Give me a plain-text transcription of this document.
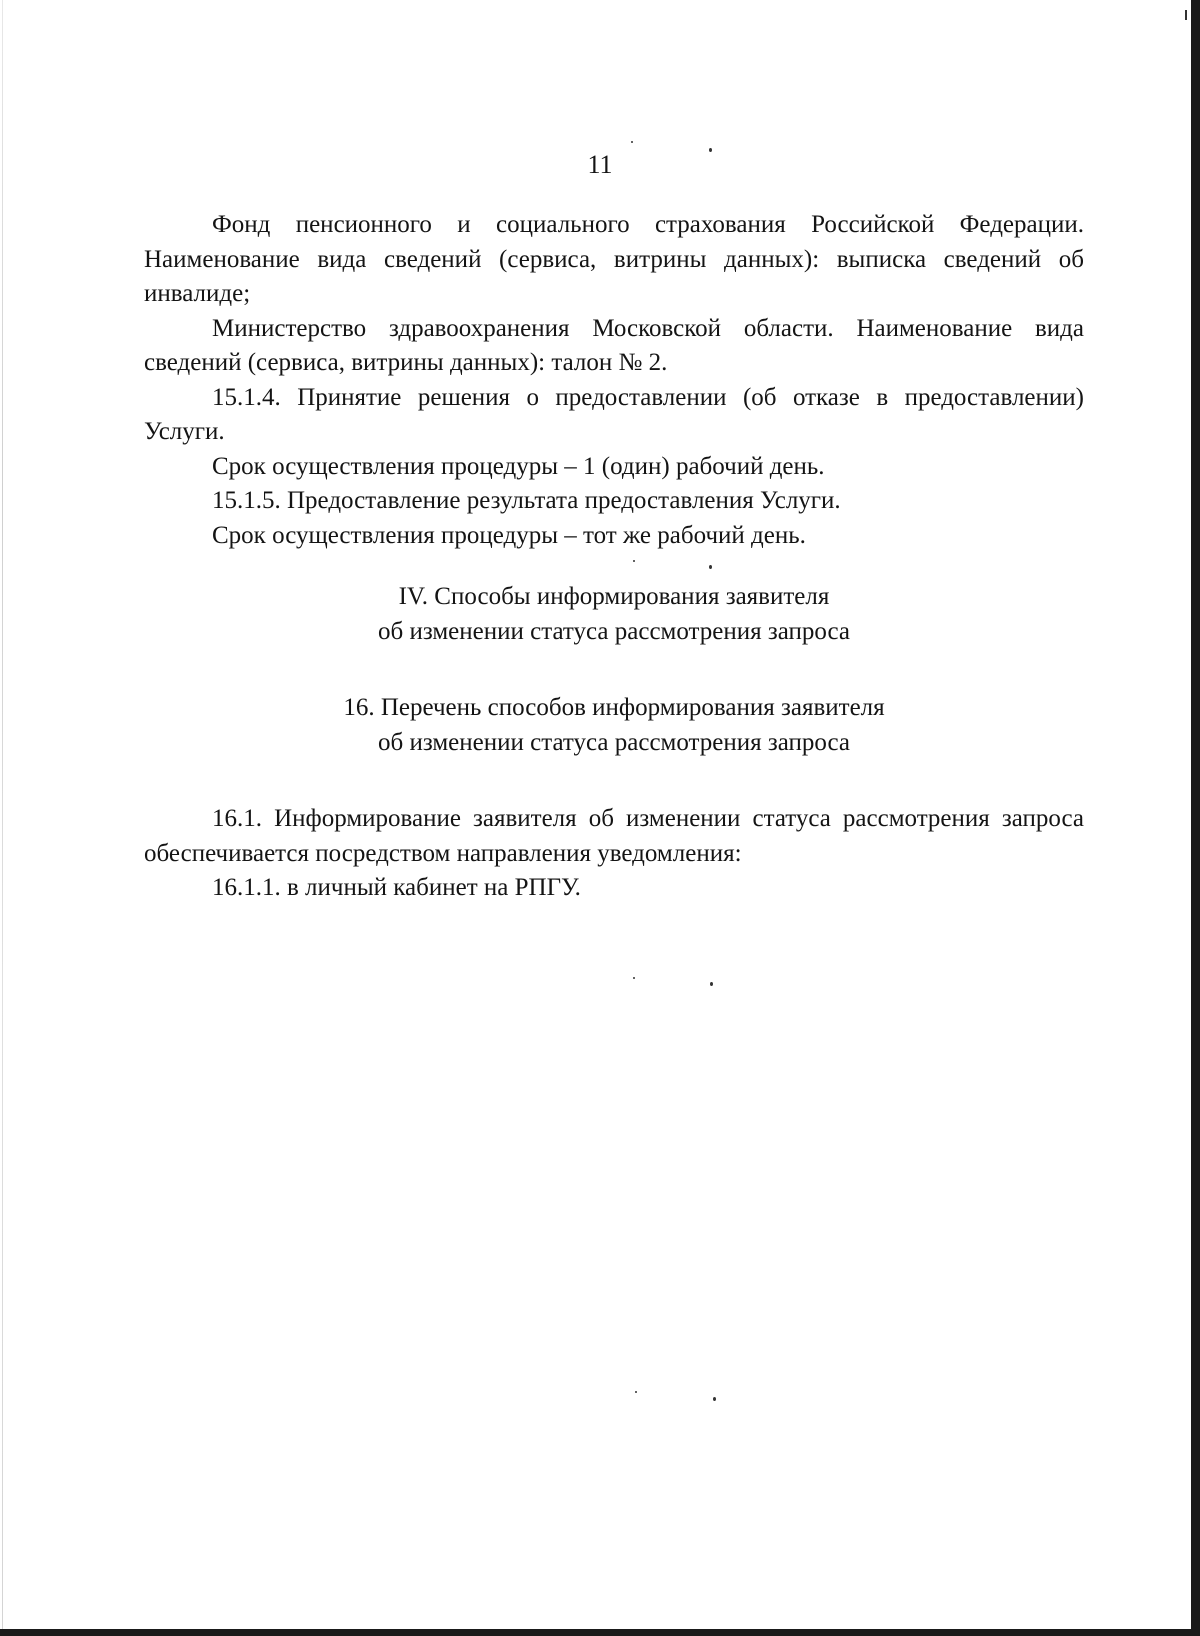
11

Фонд пенсионного и социального страхования Российской Федерации. Наименование вида сведений (сервиса, витрины данных): выписка сведений об инвалиде;

Министерство здравоохранения Московской области. Наименование вида сведений (сервиса, витрины данных): талон № 2.

15.1.4. Принятие решения о предоставлении (об отказе в предоставлении) Услуги.

Срок осуществления процедуры – 1 (один) рабочий день.

15.1.5. Предоставление результата предоставления Услуги.

Срок осуществления процедуры – тот же рабочий день.

IV. Способы информирования заявителя

об изменении статуса рассмотрения запроса

16. Перечень способов информирования заявителя

об изменении статуса рассмотрения запроса

16.1. Информирование заявителя об изменении статуса рассмотрения запроса обеспечивается посредством направления уведомления:

16.1.1. в личный кабинет на РПГУ.
